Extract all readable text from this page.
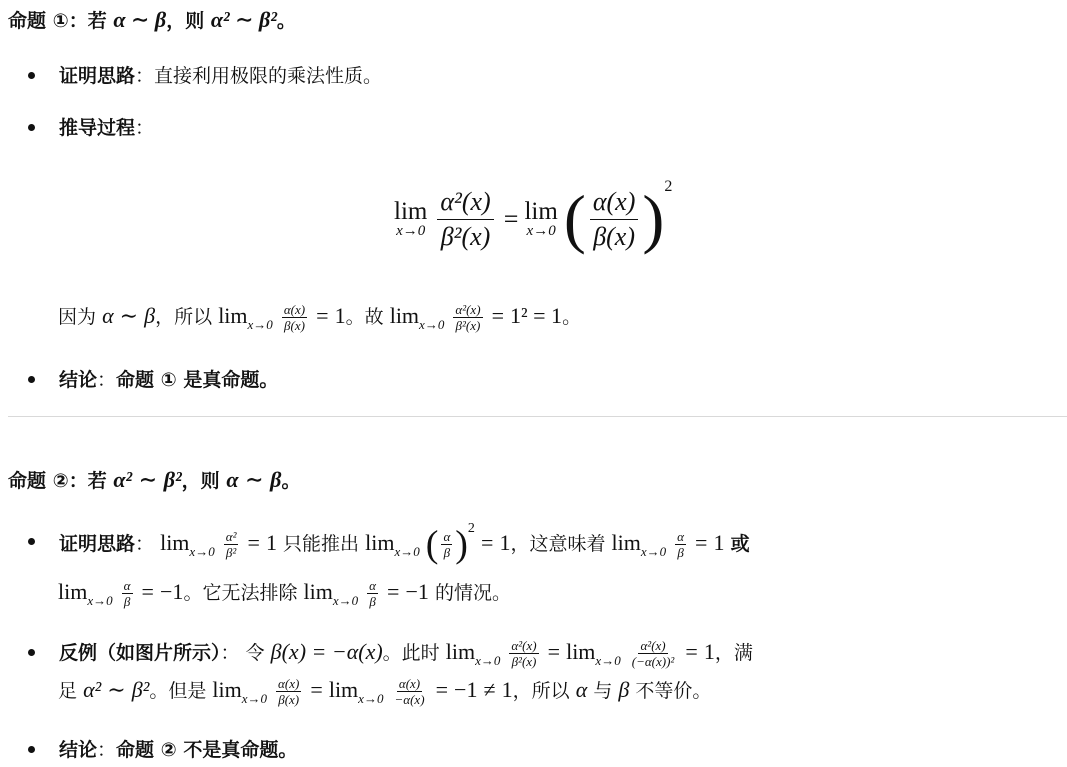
命题 ①：若 α ∼ β，则 α² ∼ β²。
证明思路：直接利用极限的乘法性质。
推导过程：
lim
x→0
$\frac{\text{α²(x)}}{\text{β²(x)}} = \lim$
x→0 ( $\frac{\alpha(x)}{\beta(x)} )^2$
因为 α ∼ β，所以 $\lim_{x\to 0} \frac{\alpha(x)}{\beta(x)} = 1$。故 $\lim_{x\to 0} \frac{\text{α²(x)}}{\text{β²(x)}} = 1^2 = 1$。
结论：命题 ① 是真命题。
命题 ②：若 α² ∼ β²，则 α ∼ β。
证明思路： $\lim_{x\to 0} \frac{\text{α²}}{\text{β²}} = 1$ 只能推出 $\lim_{x\to 0}$ ( $\frac{\alpha}{\beta} )^2 = 1$，这意味着 $\lim_{x\to 0} \frac{\alpha}{\beta} = 1$ 或
$\lim_{x\to 0} \frac{\alpha}{\beta} = -1$。它无法排除 $\lim_{x\to 0} \frac{\alpha}{\beta} = -1$ 的情况。
反例（如图片所示）： 令 β(x) = −α(x)。此时 $\lim_{x\to 0} \frac{\text{α²(x)}}{\text{β²(x)}} = \lim_{x\to 0} \frac{\text{α²(x)}}{\text{(−α(x))²}} = 1$，满
足 α² ∼ β²。但是 $\lim_{x\to 0} \frac{\alpha(x)}{\beta(x)} = \lim_{x\to 0} \frac{\alpha(x)}{-\alpha(x)} = -1 \ne 1$，所以 α 与 β 不等价。
结论：命题 ② 不是真命题。
